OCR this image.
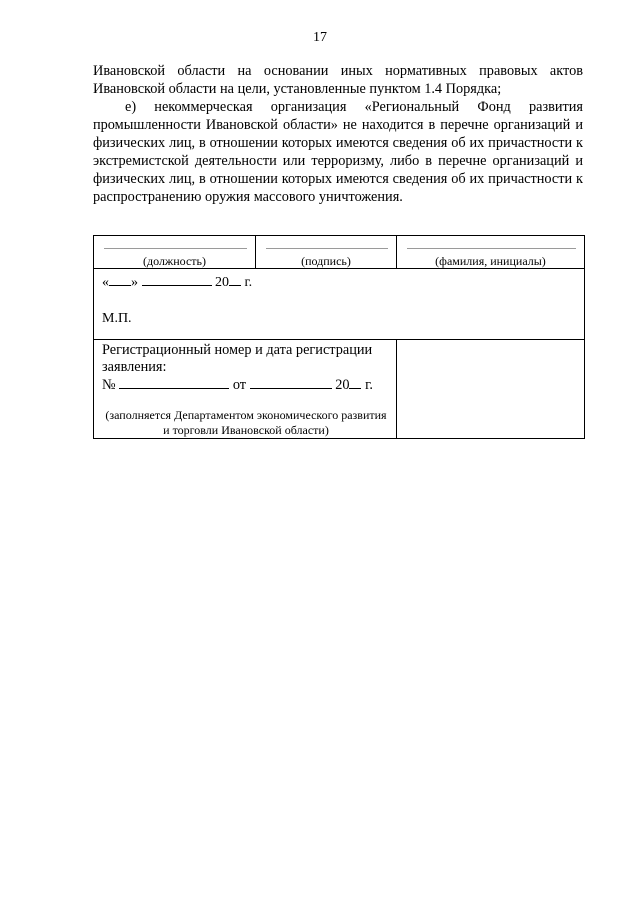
17

Ивановской области на основании иных нормативных правовых актов Ивановской области на цели, установленные пунктом 1.4 Порядка;

е) некоммерческая организация «Региональный Фонд развития промышленности Ивановской области» не находится в перечне организаций и физических лиц, в отношении которых имеются сведения об их причастности к экстремистской деятельности или терроризму, либо в перечне организаций и физических лиц, в отношении которых имеются сведения об их причастности к распространению оружия массового уничтожения.

(должность)	(подпись)	(фамилия, инициалы)

« » 20 г.
М.П.		

Регистрационный номер и дата регистрации заявления:
№ от 20 г.
(заполняется Департаментом экономического развития и торговли Ивановской области)		
